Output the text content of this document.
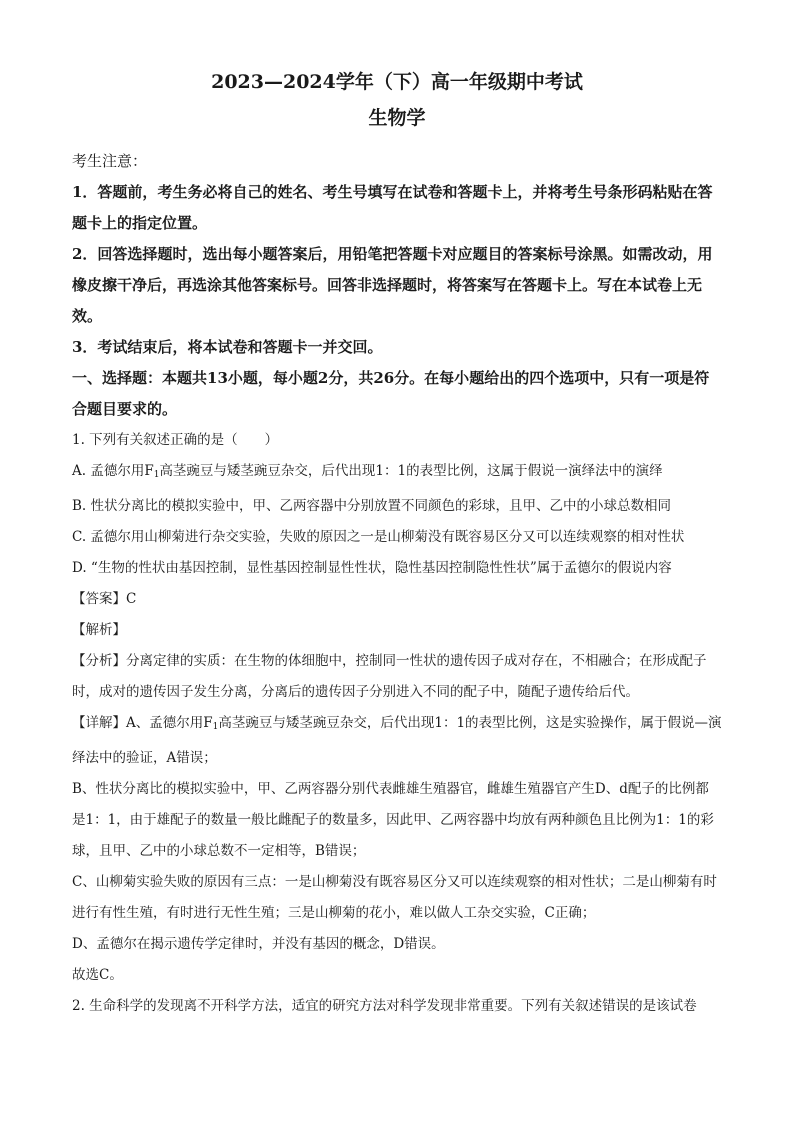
2023—2024学年（下）高一年级期中考试

生物学

考生注意：

1．答题前，考生务必将自己的姓名、考生号填写在试卷和答题卡上，并将考生号条形码粘贴在答题卡上的指定位置。

2．回答选择题时，选出每小题答案后，用铅笔把答题卡对应题目的答案标号涂黑。如需改动，用橡皮擦干净后，再选涂其他答案标号。回答非选择题时，将答案写在答题卡上。写在本试卷上无效。

3．考试结束后，将本试卷和答题卡一并交回。

一、选择题：本题共13小题，每小题2分，共26分。在每小题给出的四个选项中，只有一项是符合题目要求的。

1. 下列有关叙述正确的是（　　）

A. 孟德尔用$F_1$高茎豌豆与矮茎豌豆杂交，后代出现1：1的表型比例，这属于假说一演绎法中的演绎

B. 性状分离比的模拟实验中，甲、乙两容器中分别放置不同颜色的彩球，且甲、乙中的小球总数相同

C. 孟德尔用山柳菊进行杂交实验，失败的原因之一是山柳菊没有既容易区分又可以连续观察的相对性状

D. “生物的性状由基因控制，显性基因控制显性性状，隐性基因控制隐性性状”属于孟德尔的假说内容

【答案】C

【解析】

【分析】分离定律的实质：在生物的体细胞中，控制同一性状的遗传因子成对存在，不相融合；在形成配子时，成对的遗传因子发生分离，分离后的遗传因子分别进入不同的配子中，随配子遗传给后代。

【详解】A、孟德尔用$F_1$高茎豌豆与矮茎豌豆杂交，后代出现1：1的表型比例，这是实验操作，属于假说—演绎法中的验证，A错误；

B、性状分离比的模拟实验中，甲、乙两容器分别代表雌雄生殖器官，雌雄生殖器官产生D、d配子的比例都是1：1，由于雄配子的数量一般比雌配子的数量多，因此甲、乙两容器中均放有两种颜色且比例为1：1的彩球，且甲、乙中的小球总数不一定相等，B错误；

C、山柳菊实验失败的原因有三点：一是山柳菊没有既容易区分又可以连续观察的相对性状；二是山柳菊有时进行有性生殖，有时进行无性生殖；三是山柳菊的花小，难以做人工杂交实验，C正确；

D、孟德尔在揭示遗传学定律时，并没有基因的概念，D错误。

故选C。

2. 生命科学的发现离不开科学方法，适宜的研究方法对科学发现非常重要。下列有关叙述错误的是该试卷
